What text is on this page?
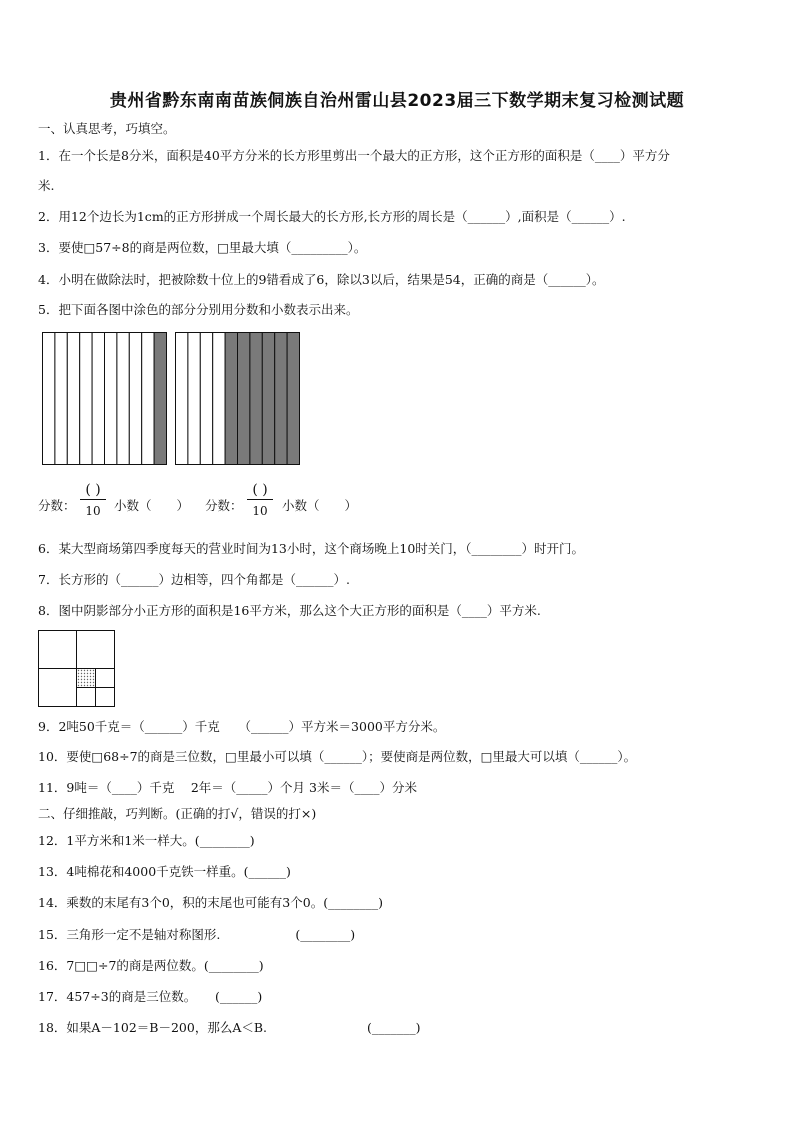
贵州省黔东南南苗族侗族自治州雷山县2023届三下数学期末复习检测试题
一、认真思考，巧填空。
1．在一个长是8分米，面积是40平方分米的长方形里剪出一个最大的正方形，这个正方形的面积是（____）平方分
米.
2．用12个边长为1cm的正方形拼成一个周长最大的长方形,长方形的周长是（______）,面积是（______）.
3．要使□57÷8的商是两位数，□里最大填（_________）。
4．小明在做除法时，把被除数十位上的9错看成了6，除以3以后，结果是54，正确的商是（______）。
5．把下面各图中涂色的部分分别用分数和小数表示出来。
分数：
( )
10	小数（　　） 分数：
( )
10	小数（　　）
6．某大型商场第四季度每天的营业时间为13小时，这个商场晚上10时关门，（________）时开门。
7．长方形的（______）边相等，四个角都是（______）.
8．图中阴影部分小正方形的面积是16平方米，那么这个大正方形的面积是（____）平方米.
9．2吨50千克＝（______）千克　　（______）平方米＝3000平方分米。
10．要使□68÷7的商是三位数，□里最小可以填（______）；要使商是两位数，□里最大可以填（______）。
11．9吨＝（____）千克　 2年＝（_____）个月 3米＝（____）分米
二、仔细推敲，巧判断。(正确的打√，错误的打×)
12．1平方米和1米一样大。(________)
13．4吨棉花和4000千克铁一样重。(______)
14．乘数的末尾有3个0，积的末尾也可能有3个0。(________)
15．三角形一定不是轴对称图形.　　　　　　(________)
16．7□□÷7的商是两位数。(________)
17．457÷3的商是三位数。　　(______)
18．如果A－102＝B－200，那么A＜B.　　　　　　　　(_______)
